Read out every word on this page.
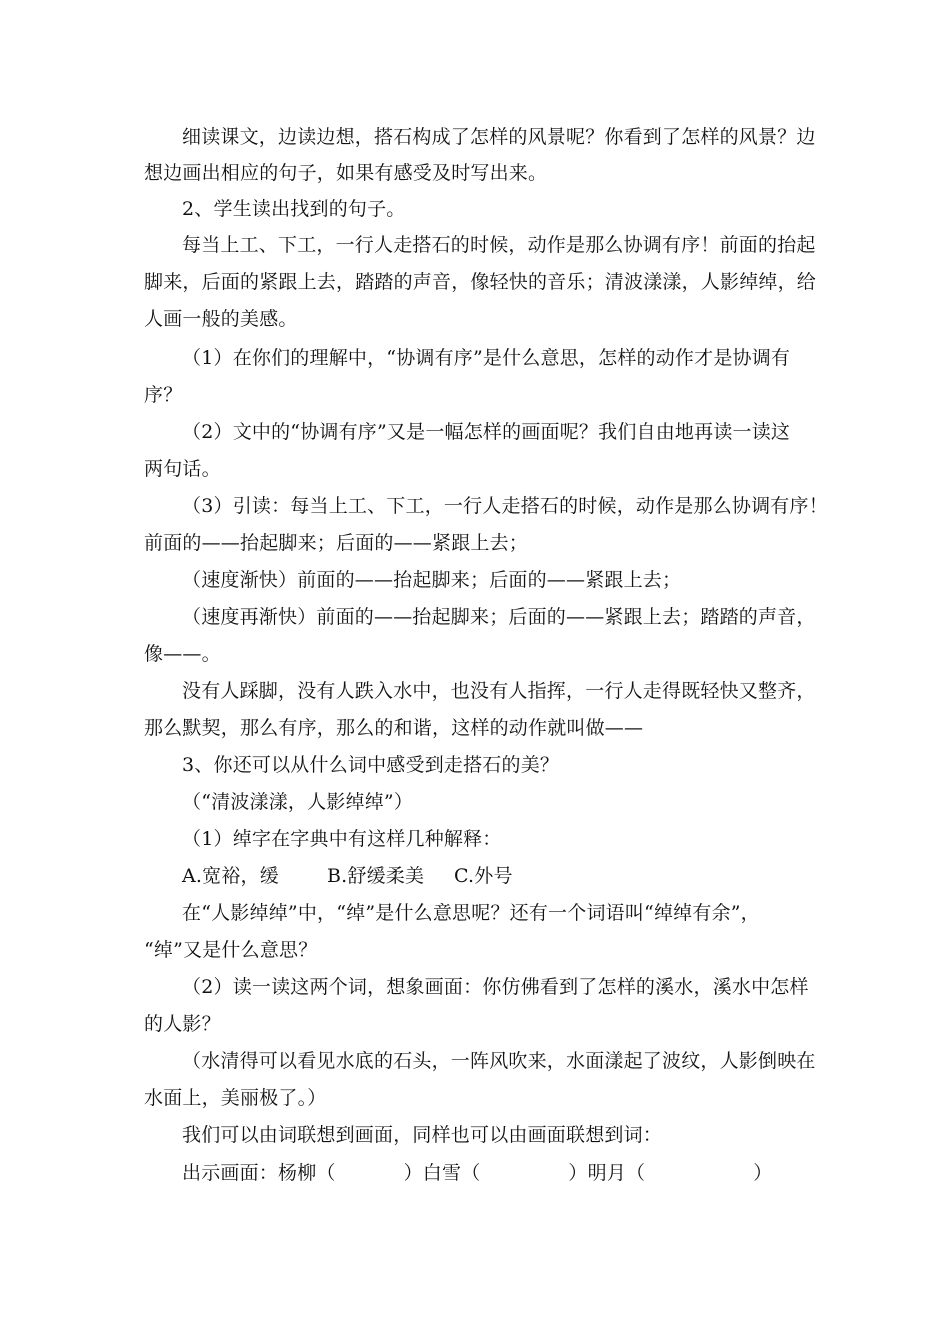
细读课文，边读边想，搭石构成了怎样的风景呢？你看到了怎样的风景？边
想边画出相应的句子，如果有感受及时写出来。
2、学生读出找到的句子。
每当上工、下工，一行人走搭石的时候，动作是那么协调有序！前面的抬起
脚来，后面的紧跟上去，踏踏的声音，像轻快的音乐；清波漾漾，人影绰绰，给
人画一般的美感。
（1）在你们的理解中，“协调有序”是什么意思，怎样的动作才是协调有
序？
（2）文中的“协调有序”又是一幅怎样的画面呢？我们自由地再读一读这
两句话。
（3）引读：每当上工、下工，一行人走搭石的时候，动作是那么协调有序！
前面的——抬起脚来；后面的——紧跟上去；
（速度渐快）前面的——抬起脚来；后面的——紧跟上去；
（速度再渐快）前面的——抬起脚来；后面的——紧跟上去；踏踏的声音，
像——。
没有人踩脚，没有人跌入水中，也没有人指挥，一行人走得既轻快又整齐，
那么默契，那么有序，那么的和谐，这样的动作就叫做——
3、你还可以从什么词中感受到走搭石的美？
（“清波漾漾，人影绰绰”）
（1）绰字在字典中有这样几种解释：
A.宽裕，缓	B.舒缓柔美 C.外号
在“人影绰绰”中，“绰”是什么意思呢？还有一个词语叫“绰绰有余”，
“绰”又是什么意思？
（2）读一读这两个词，想象画面：你仿佛看到了怎样的溪水，溪水中怎样
的人影？
（水清得可以看见水底的石头，一阵风吹来，水面漾起了波纹，人影倒映在
水面上，美丽极了。）
我们可以由词联想到画面，同样也可以由画面联想到词：
出示画面：杨柳（	）白雪（	）明月（	）
